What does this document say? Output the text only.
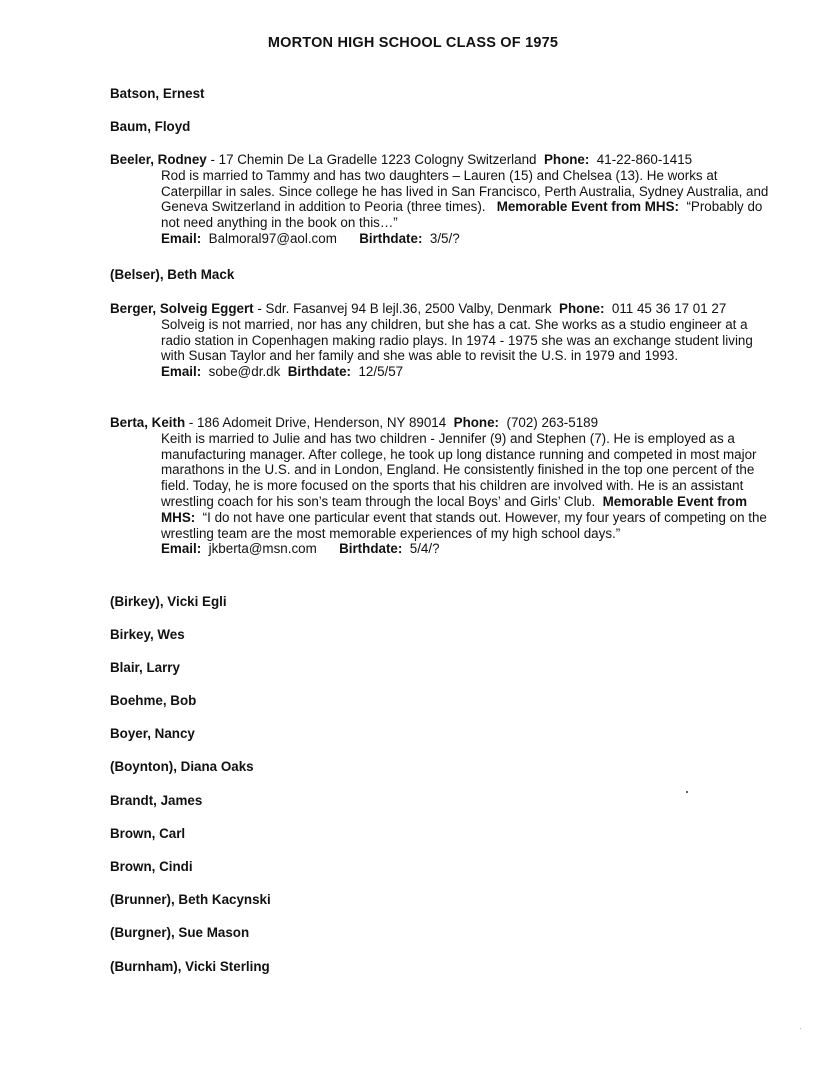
MORTON HIGH SCHOOL CLASS OF 1975
Batson, Ernest
Baum, Floyd
Beeler, Rodney - 17 Chemin De La Gradelle 1223 Cologny Switzerland Phone: 41-22-860-1415
Rod is married to Tammy and has two daughters – Lauren (15) and Chelsea (13). He works at Caterpillar in sales. Since college he has lived in San Francisco, Perth Australia, Sydney Australia, and Geneva Switzerland in addition to Peoria (three times). Memorable Event from MHS: “Probably do not need anything in the book on this…”
Email: Balmoral97@aol.com Birthdate: 3/5/?
(Belser), Beth Mack
Berger, Solveig Eggert - Sdr. Fasanvej 94 B lejl.36, 2500 Valby, Denmark Phone: 011 45 36 17 01 27
Solveig is not married, nor has any children, but she has a cat. She works as a studio engineer at a radio station in Copenhagen making radio plays. In 1974 - 1975 she was an exchange student living with Susan Taylor and her family and she was able to revisit the U.S. in 1979 and 1993.
Email: sobe@dr.dk Birthdate: 12/5/57
Berta, Keith - 186 Adomeit Drive, Henderson, NY 89014 Phone: (702) 263-5189
Keith is married to Julie and has two children - Jennifer (9) and Stephen (7). He is employed as a manufacturing manager. After college, he took up long distance running and competed in most major marathons in the U.S. and in London, England. He consistently finished in the top one percent of the field. Today, he is more focused on the sports that his children are involved with. He is an assistant wrestling coach for his son’s team through the local Boys’ and Girls’ Club. Memorable Event from MHS: “I do not have one particular event that stands out. However, my four years of competing on the wrestling team are the most memorable experiences of my high school days.”
Email: jkberta@msn.com Birthdate: 5/4/?
(Birkey), Vicki Egli
Birkey, Wes
Blair, Larry
Boehme, Bob
Boyer, Nancy
(Boynton), Diana Oaks
Brandt, James
Brown, Carl
Brown, Cindi
(Brunner), Beth Kacynski
(Burgner), Sue Mason
(Burnham), Vicki Sterling
